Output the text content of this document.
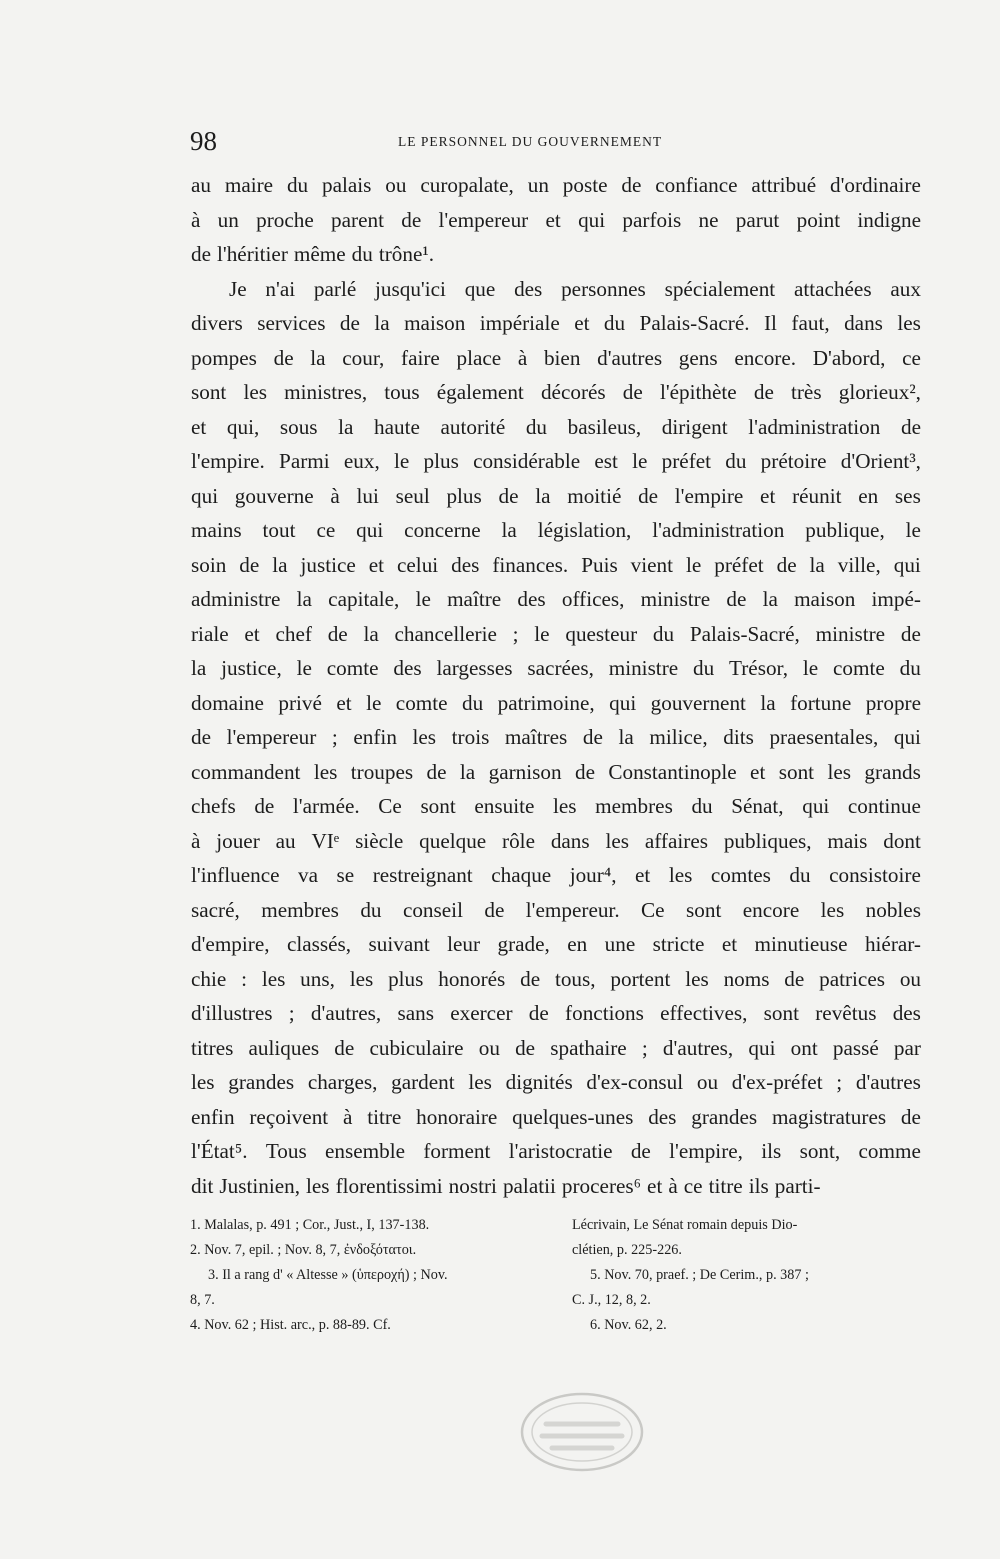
98	LE PERSONNEL DU GOUVERNEMENT
au maire du palais ou curopalate, un poste de confiance attribué d'ordinaire
à un proche parent de l'empereur et qui parfois ne parut point indigne
de l'héritier même du trône¹.
Je n'ai parlé jusqu'ici que des personnes spécialement attachées aux
divers services de la maison impériale et du Palais-Sacré. Il faut, dans les
pompes de la cour, faire place à bien d'autres gens encore. D'abord, ce
sont les ministres, tous également décorés de l'épithète de très glorieux²,
et qui, sous la haute autorité du basileus, dirigent l'administration de
l'empire. Parmi eux, le plus considérable est le préfet du prétoire d'Orient³,
qui gouverne à lui seul plus de la moitié de l'empire et réunit en ses
mains tout ce qui concerne la législation, l'administration publique, le
soin de la justice et celui des finances. Puis vient le préfet de la ville, qui
administre la capitale, le maître des offices, ministre de la maison impé-
riale et chef de la chancellerie ; le questeur du Palais-Sacré, ministre de
la justice, le comte des largesses sacrées, ministre du Trésor, le comte du
domaine privé et le comte du patrimoine, qui gouvernent la fortune propre
de l'empereur ; enfin les trois maîtres de la milice, dits praesentales, qui
commandent les troupes de la garnison de Constantinople et sont les grands
chefs de l'armée. Ce sont ensuite les membres du Sénat, qui continue
à jouer au VIᵉ siècle quelque rôle dans les affaires publiques, mais dont
l'influence va se restreignant chaque jour⁴, et les comtes du consistoire
sacré, membres du conseil de l'empereur. Ce sont encore les nobles
d'empire, classés, suivant leur grade, en une stricte et minutieuse hiérar-
chie : les uns, les plus honorés de tous, portent les noms de patrices ou
d'illustres ; d'autres, sans exercer de fonctions effectives, sont revêtus des
titres auliques de cubiculaire ou de spathaire ; d'autres, qui ont passé par
les grandes charges, gardent les dignités d'ex-consul ou d'ex-préfet ; d'autres
enfin reçoivent à titre honoraire quelques-unes des grandes magistratures de
l'État⁵. Tous ensemble forment l'aristocratie de l'empire, ils sont, comme
dit Justinien, les florentissimi nostri palatii proceres⁶ et à ce titre ils parti-
1. Malalas, p. 491 ; Cor., Just., I, 137-138.
2. Nov. 7, epil. ; Nov. 8, 7, ἐνδοξότατοι.
3. Il a rang d' « Altesse » (ὑπεροχή) ; Nov.
8, 7.
4. Nov. 62 ; Hist. arc., p. 88-89. Cf.
Lécrivain, Le Sénat romain depuis Dio-
clétien, p. 225-226.
5. Nov. 70, praef. ; De Cerim., p. 387 ;
C. J., 12, 8, 2.
6. Nov. 62, 2.
